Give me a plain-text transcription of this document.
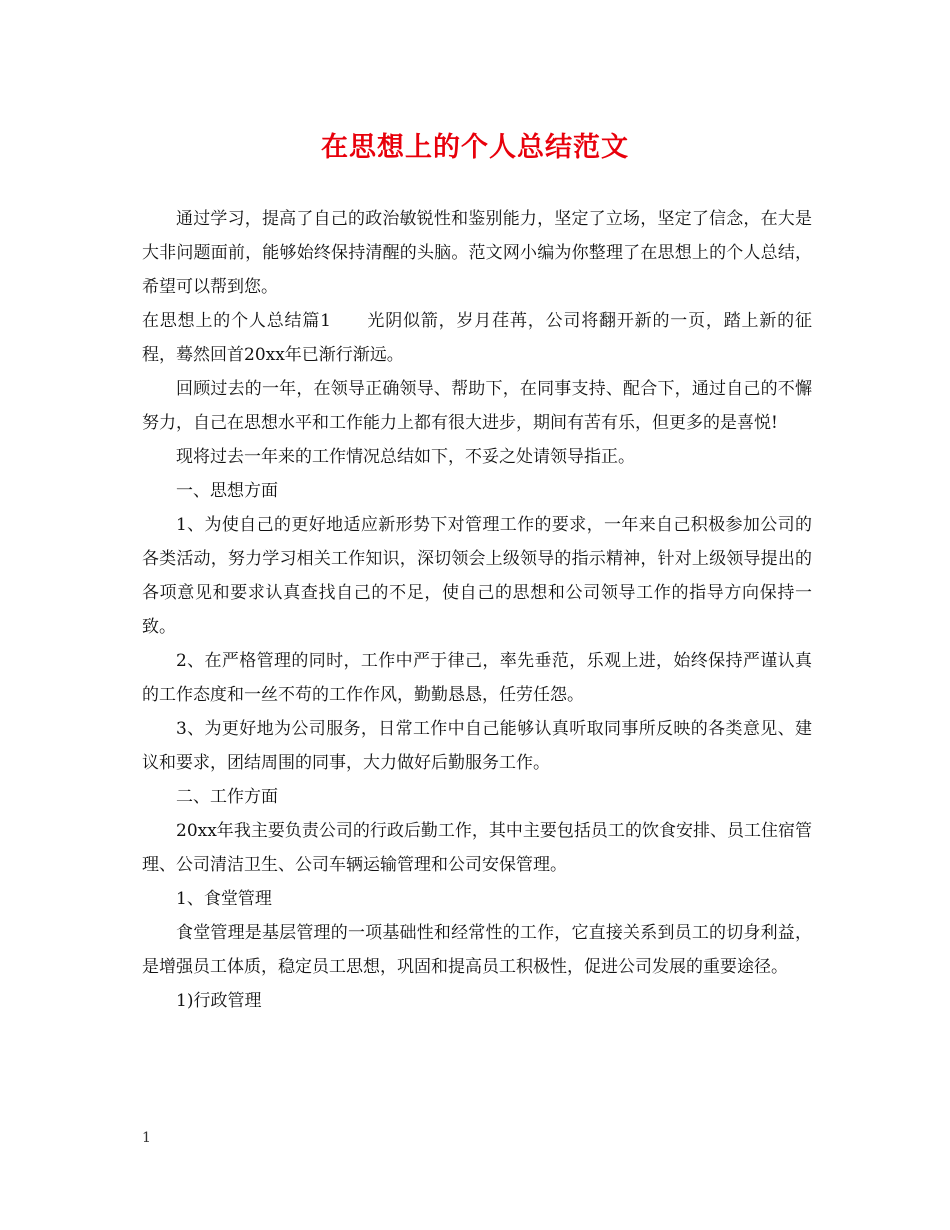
在思想上的个人总结范文

通过学习，提高了自己的政治敏锐性和鉴别能力，坚定了立场，坚定了信念，在大是大非问题面前，能够始终保持清醒的头脑。范文网小编为你整理了在思想上的个人总结，希望可以帮到您。

在思想上的个人总结篇1　　光阴似箭，岁月荏苒，公司将翻开新的一页，踏上新的征程，蓦然回首20xx年已渐行渐远。

回顾过去的一年，在领导正确领导、帮助下，在同事支持、配合下，通过自己的不懈努力，自己在思想水平和工作能力上都有很大进步，期间有苦有乐，但更多的是喜悦!

现将过去一年来的工作情况总结如下，不妥之处请领导指正。

一、思想方面

1、为使自己的更好地适应新形势下对管理工作的要求，一年来自己积极参加公司的各类活动，努力学习相关工作知识，深切领会上级领导的指示精神，针对上级领导提出的各项意见和要求认真查找自己的不足，使自己的思想和公司领导工作的指导方向保持一致。

2、在严格管理的同时，工作中严于律己，率先垂范，乐观上进，始终保持严谨认真的工作态度和一丝不苟的工作作风，勤勤恳恳，任劳任怨。

3、为更好地为公司服务，日常工作中自己能够认真听取同事所反映的各类意见、建议和要求，团结周围的同事，大力做好后勤服务工作。

二、工作方面

20xx年我主要负责公司的行政后勤工作，其中主要包括员工的饮食安排、员工住宿管理、公司清洁卫生、公司车辆运输管理和公司安保管理。

1、食堂管理

食堂管理是基层管理的一项基础性和经常性的工作，它直接关系到员工的切身利益，是增强员工体质，稳定员工思想，巩固和提高员工积极性，促进公司发展的重要途径。

1)行政管理

1
